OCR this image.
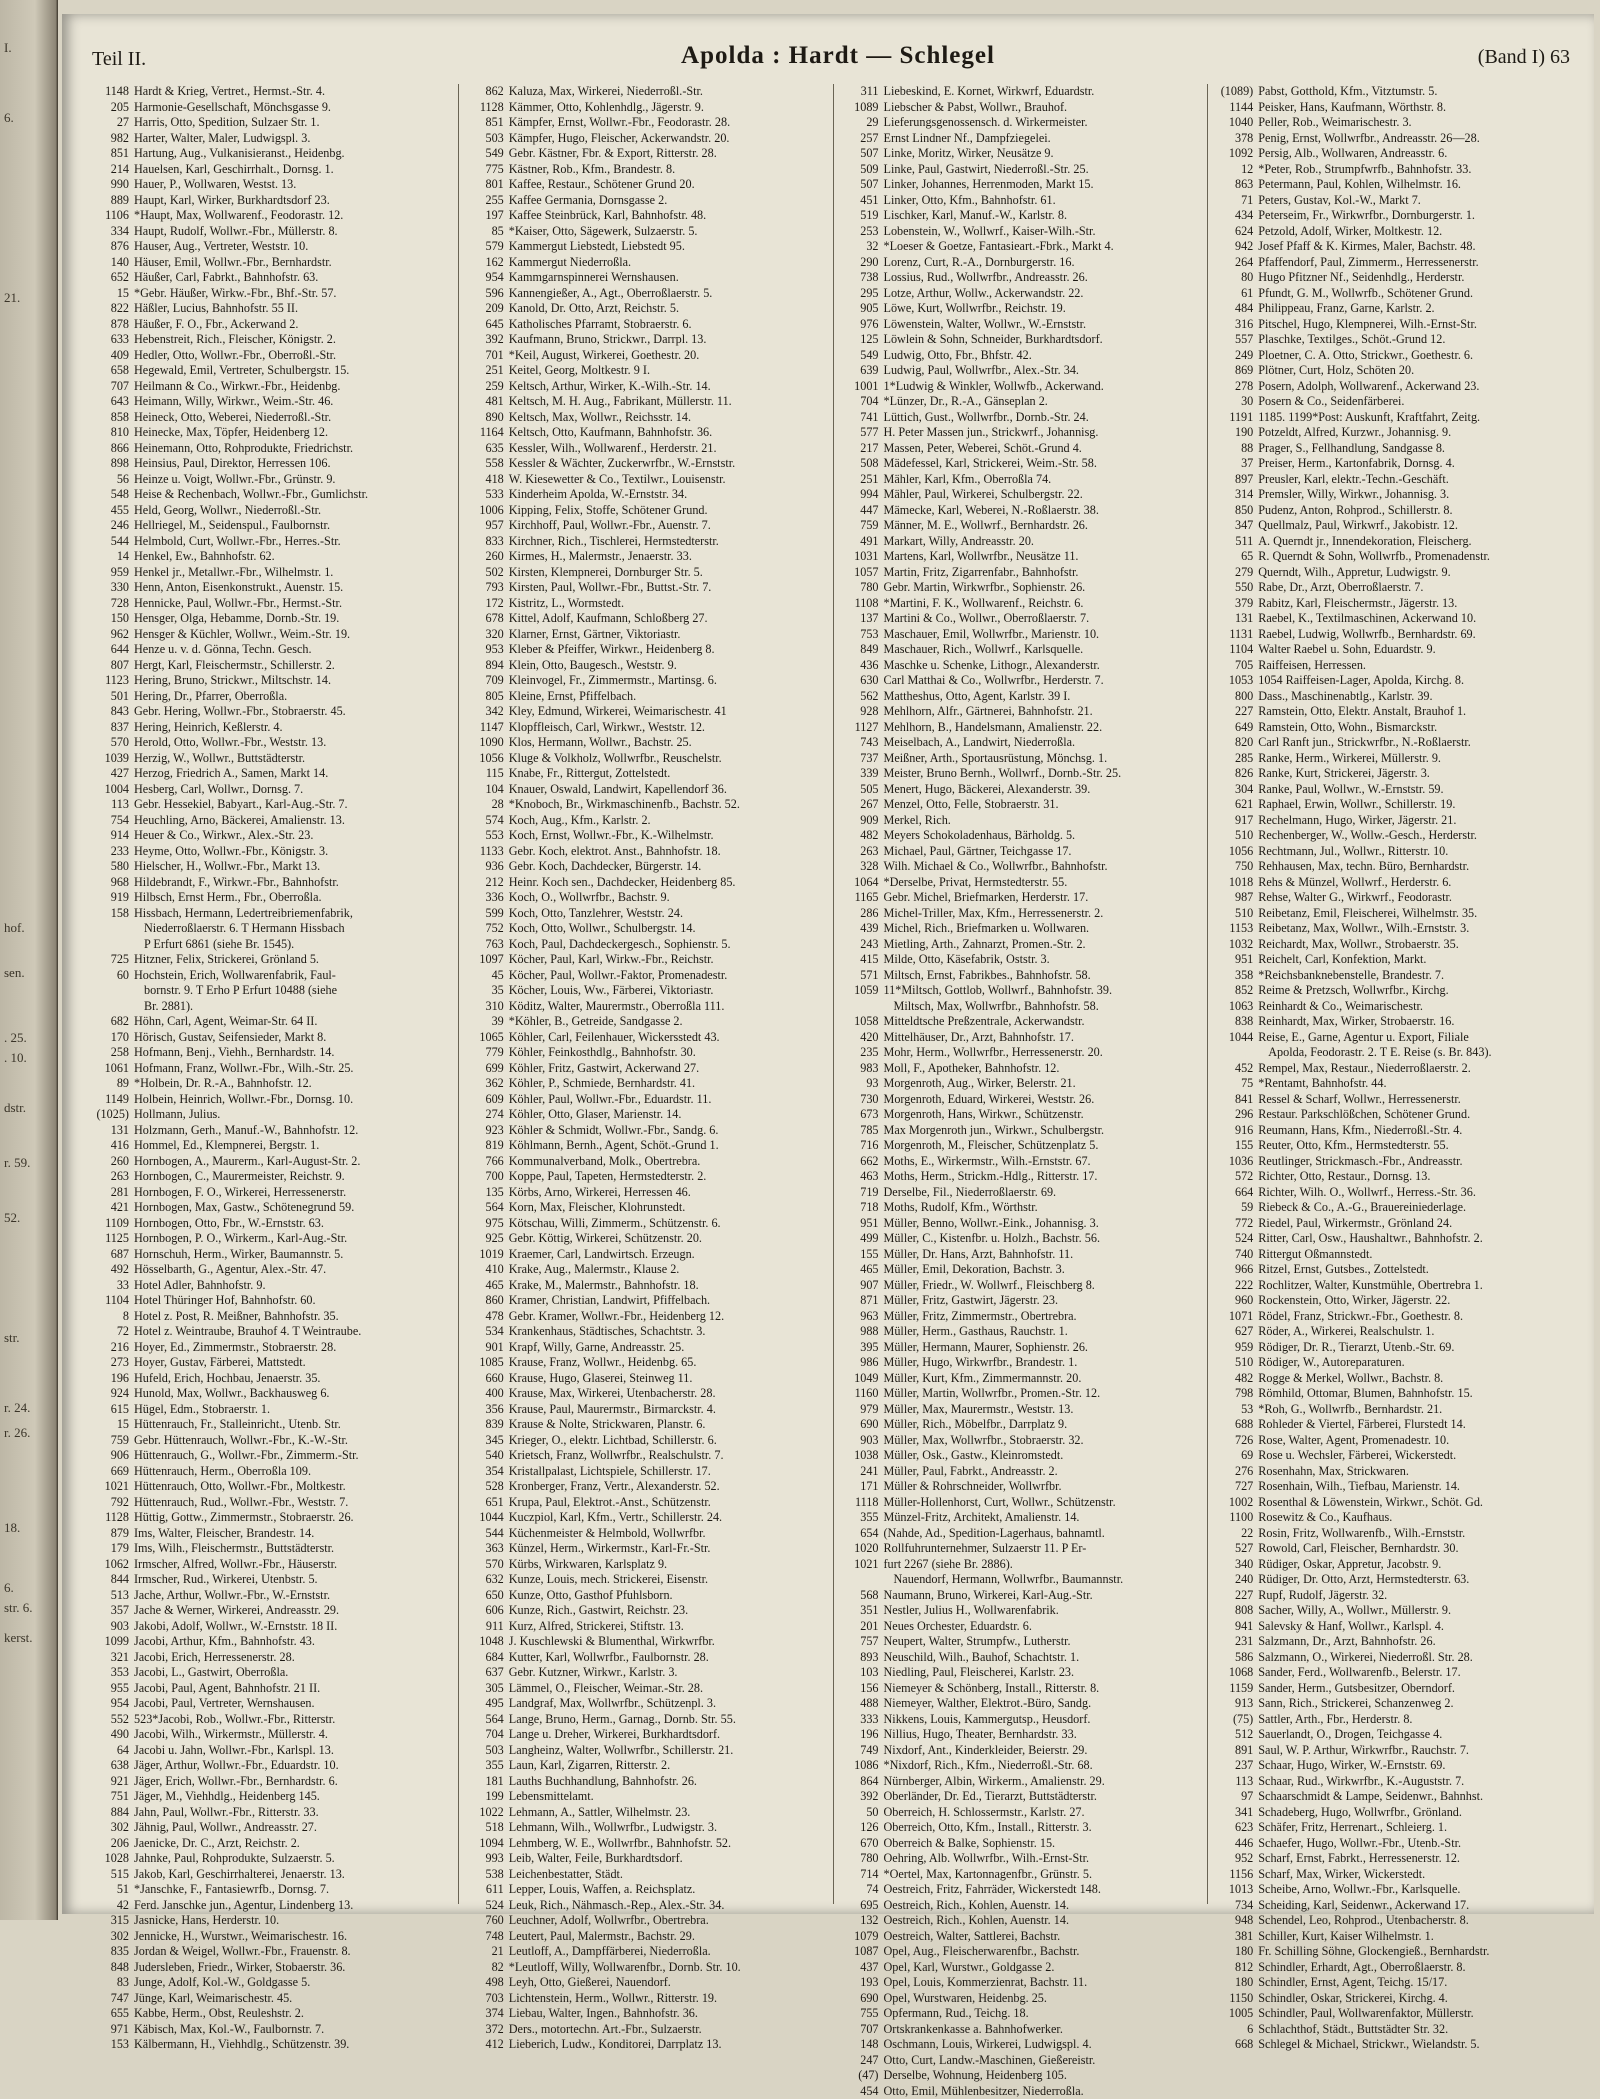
I.
6.
21.
hof.
sen.
. 25.
. 10.
dstr.
r. 59.
52.
str.
r. 24.
r. 26.
18.
6.
str. 6.
kerst.
Teil II.	Apolda : Hardt — Schlegel	(Band I) 63
1148 Hardt & Krieg, Vertret., Hermst.-Str. 4.
205 Harmonie-Gesellschaft, Mönchsgasse 9.
27 Harris, Otto, Spedition, Sulzaer Str. 1.
982 Harter, Walter, Maler, Ludwigspl. 3.
851 Hartung, Aug., Vulkanisieranst., Heidenbg.
214 Hauelsen, Karl, Geschirrhalt., Dornsg. 1.
990 Hauer, P., Wollwaren, Westst. 13.
889 Haupt, Karl, Wirker, Burkhardtsdorf 23.
1106 *Haupt, Max, Wollwarenf., Feodorastr. 12.
334 Haupt, Rudolf, Wollwr.-Fbr., Müllerstr. 8.
876 Hauser, Aug., Vertreter, Weststr. 10.
140 Häuser, Emil, Wollwr.-Fbr., Bernhardstr.
652 Häußer, Carl, Fabrkt., Bahnhofstr. 63.
15 *Gebr. Häußer, Wirkw.-Fbr., Bhf.-Str. 57.
822 Häßler, Lucius, Bahnhofstr. 55 II.
878 Häußer, F. O., Fbr., Ackerwand 2.
633 Hebenstreit, Rich., Fleischer, Königstr. 2.
409 Hedler, Otto, Wollwr.-Fbr., Oberroßl.-Str.
658 Hegewald, Emil, Vertreter, Schulbergstr. 15.
707 Heilmann & Co., Wirkwr.-Fbr., Heidenbg.
643 Heimann, Willy, Wirkwr., Weim.-Str. 46.
858 Heineck, Otto, Weberei, Niederroßl.-Str.
810 Heinecke, Max, Töpfer, Heidenberg 12.
866 Heinemann, Otto, Rohprodukte, Friedrichstr.
898 Heinsius, Paul, Direktor, Herressen 106.
56 Heinze u. Voigt, Wollwr.-Fbr., Grünstr. 9.
548 Heise & Rechenbach, Wollwr.-Fbr., Gumlichstr.
455 Held, Georg, Wollwr., Niederroßl.-Str.
246 Hellriegel, M., Seidenspul., Faulbornstr.
544 Helmbold, Curt, Wollwr.-Fbr., Herres.-Str.
14 Henkel, Ew., Bahnhofstr. 62.
959 Henkel jr., Metallwr.-Fbr., Wilhelmstr. 1.
330 Henn, Anton, Eisenkonstrukt., Auenstr. 15.
728 Hennicke, Paul, Wollwr.-Fbr., Hermst.-Str.
150 Hensger, Olga, Hebamme, Dornb.-Str. 19.
962 Hensger & Küchler, Wollwr., Weim.-Str. 19.
644 Henze u. v. d. Gönna, Techn. Gesch.
807 Hergt, Karl, Fleischermstr., Schillerstr. 2.
1123 Hering, Bruno, Strickwr., Miltschstr. 14.
501 Hering, Dr., Pfarrer, Oberroßla.
843 Gebr. Hering, Wollwr.-Fbr., Stobraerstr. 45.
837 Hering, Heinrich, Keßlerstr. 4.
570 Herold, Otto, Wollwr.-Fbr., Weststr. 13.
1039 Herzig, W., Wollwr., Buttstädterstr.
427 Herzog, Friedrich A., Samen, Markt 14.
1004 Hesberg, Carl, Wollwr., Dornsg. 7.
113 Gebr. Hessekiel, Babyart., Karl-Aug.-Str. 7.
754 Heuchling, Arno, Bäckerei, Amalienstr. 13.
914 Heuer & Co., Wirkwr., Alex.-Str. 23.
233 Heyme, Otto, Wollwr.-Fbr., Königstr. 3.
580 Hielscher, H., Wollwr.-Fbr., Markt 13.
968 Hildebrandt, F., Wirkwr.-Fbr., Bahnhofstr.
919 Hilbsch, Ernst Herm., Fbr., Oberroßla.
158 Hissbach, Hermann, Ledertreibriemenfabrik,
Niederroßlaerstr. 6. T Hermann Hissbach
P Erfurt 6861 (siehe Br. 1545).
725 Hitzner, Felix, Strickerei, Grönland 5.
60 Hochstein, Erich, Wollwarenfabrik, Faul-
bornstr. 9. T Erho P Erfurt 10488 (siehe
Br. 2881).
682 Höhn, Carl, Agent, Weimar-Str. 64 II.
170 Hörisch, Gustav, Seifensieder, Markt 8.
258 Hofmann, Benj., Viehh., Bernhardstr. 14.
1061 Hofmann, Franz, Wollwr.-Fbr., Wilh.-Str. 25.
89 *Holbein, Dr. R.-A., Bahnhofstr. 12.
1149 Holbein, Heinrich, Wollwr.-Fbr., Dornsg. 10.
(1025) Hollmann, Julius.
131 Holzmann, Gerh., Manuf.-W., Bahnhofstr. 12.
416 Hommel, Ed., Klempnerei, Bergstr. 1.
260 Hornbogen, A., Maurerm., Karl-August-Str. 2.
263 Hornbogen, C., Maurermeister, Reichstr. 9.
281 Hornbogen, F. O., Wirkerei, Herressenerstr.
421 Hornbogen, Max, Gastw., Schötenegrund 59.
1109 Hornbogen, Otto, Fbr., W.-Ernststr. 63.
1125 Hornbogen, P. O., Wirkerm., Karl-Aug.-Str.
687 Hornschuh, Herm., Wirker, Baumannstr. 5.
492 Hösselbarth, G., Agentur, Alex.-Str. 47.
33 Hotel Adler, Bahnhofstr. 9.
1104 Hotel Thüringer Hof, Bahnhofstr. 60.
8 Hotel z. Post, R. Meißner, Bahnhofstr. 35.
72 Hotel z. Weintraube, Brauhof 4. T Weintraube.
216 Hoyer, Ed., Zimmermstr., Stobraerstr. 28.
273 Hoyer, Gustav, Färberei, Mattstedt.
196 Hufeld, Erich, Hochbau, Jenaerstr. 35.
924 Hunold, Max, Wollwr., Backhausweg 6.
615 Hügel, Edm., Stobraerstr. 1.
15 Hüttenrauch, Fr., Stalleinricht., Utenb. Str.
759 Gebr. Hüttenrauch, Wollwr.-Fbr., K.-W.-Str.
906 Hüttenrauch, G., Wollwr.-Fbr., Zimmerm.-Str.
669 Hüttenrauch, Herm., Oberroßla 109.
1021 Hüttenrauch, Otto, Wollwr.-Fbr., Moltkestr.
792 Hüttenrauch, Rud., Wollwr.-Fbr., Weststr. 7.
1128 Hüttig, Gottw., Zimmermstr., Stobraerstr. 26.
879 Ims, Walter, Fleischer, Brandestr. 14.
179 Ims, Wilh., Fleischermstr., Buttstädterstr.
1062 Irmscher, Alfred, Wollwr.-Fbr., Häuserstr.
844 Irmscher, Rud., Wirkerei, Utenbstr. 5.
513 Jache, Arthur, Wollwr.-Fbr., W.-Ernststr.
357 Jache & Werner, Wirkerei, Andreasstr. 29.
903 Jakobi, Adolf, Wollwr., W.-Ernststr. 18 II.
1099 Jacobi, Arthur, Kfm., Bahnhofstr. 43.
321 Jacobi, Erich, Herressenerstr. 28.
353 Jacobi, L., Gastwirt, Oberroßla.
955 Jacobi, Paul, Agent, Bahnhofstr. 21 II.
954 Jacobi, Paul, Vertreter, Wernshausen.
552 523*Jacobi, Rob., Wollwr.-Fbr., Ritterstr.
490 Jacobi, Wilh., Wirkermstr., Müllerstr. 4.
64 Jacobi u. Jahn, Wollwr.-Fbr., Karlspl. 13.
638 Jäger, Arthur, Wollwr.-Fbr., Eduardstr. 10.
921 Jäger, Erich, Wollwr.-Fbr., Bernhardstr. 6.
751 Jäger, M., Viehhdlg., Heidenberg 145.
884 Jahn, Paul, Wollwr.-Fbr., Ritterstr. 33.
302 Jähnig, Paul, Wollwr., Andreasstr. 27.
206 Jaenicke, Dr. C., Arzt, Reichstr. 2.
1028 Jahnke, Paul, Rohprodukte, Sulzaerstr. 5.
515 Jakob, Karl, Geschirrhalterei, Jenaerstr. 13.
51 *Janschke, F., Fantasiewrfb., Dornsg. 7.
42 Ferd. Janschke jun., Agentur, Lindenberg 13.
315 Jasnicke, Hans, Herderstr. 10.
302 Jennicke, H., Wurstwr., Weimarischestr. 16.
835 Jordan & Weigel, Wollwr.-Fbr., Frauenstr. 8.
848 Judersleben, Friedr., Wirker, Stobaerstr. 36.
83 Junge, Adolf, Kol.-W., Goldgasse 5.
747 Jünge, Karl, Weimarischestr. 45.
655 Kabbe, Herm., Obst, Reuleshstr. 2.
971 Käbisch, Max, Kol.-W., Faulbornstr. 7.
153 Kälbermann, H., Viehhdlg., Schützenstr. 39.
862 Kaluza, Max, Wirkerei, Niederroßl.-Str.
1128 Kämmer, Otto, Kohlenhdlg., Jägerstr. 9.
851 Kämpfer, Ernst, Wollwr.-Fbr., Feodorastr. 28.
503 Kämpfer, Hugo, Fleischer, Ackerwandstr. 20.
549 Gebr. Kästner, Fbr. & Export, Ritterstr. 28.
775 Kästner, Rob., Kfm., Brandestr. 8.
801 Kaffee, Restaur., Schötener Grund 20.
255 Kaffee Germania, Dornsgasse 2.
197 Kaffee Steinbrück, Karl, Bahnhofstr. 48.
85 *Kaiser, Otto, Sägewerk, Sulzaerstr. 5.
579 Kammergut Liebstedt, Liebstedt 95.
162 Kammergut Niederroßla.
954 Kammgarnspinnerei Wernshausen.
596 Kannengießer, A., Agt., Oberroßlaerstr. 5.
209 Kanold, Dr. Otto, Arzt, Reichstr. 5.
645 Katholisches Pfarramt, Stobraerstr. 6.
392 Kaufmann, Bruno, Strickwr., Darrpl. 13.
701 *Keil, August, Wirkerei, Goethestr. 20.
251 Keitel, Georg, Moltkestr. 9 I.
259 Keltsch, Arthur, Wirker, K.-Wilh.-Str. 14.
481 Keltsch, M. H. Aug., Fabrikant, Müllerstr. 11.
890 Keltsch, Max, Wollwr., Reichsstr. 14.
1164 Keltsch, Otto, Kaufmann, Bahnhofstr. 36.
635 Kessler, Wilh., Wollwarenf., Herderstr. 21.
558 Kessler & Wächter, Zuckerwrfbr., W.-Ernststr.
418 W. Kiesewetter & Co., Textilwr., Louisenstr.
533 Kinderheim Apolda, W.-Ernststr. 34.
1006 Kipping, Felix, Stoffe, Schötener Grund.
957 Kirchhoff, Paul, Wollwr.-Fbr., Auenstr. 7.
833 Kirchner, Rich., Tischlerei, Hermstedterstr.
260 Kirmes, H., Malermstr., Jenaerstr. 33.
502 Kirsten, Klempnerei, Dornburger Str. 5.
793 Kirsten, Paul, Wollwr.-Fbr., Buttst.-Str. 7.
172 Kistritz, L., Wormstedt.
678 Kittel, Adolf, Kaufmann, Schloßberg 27.
320 Klarner, Ernst, Gärtner, Viktoriastr.
953 Kleber & Pfeiffer, Wirkwr., Heidenberg 8.
894 Klein, Otto, Baugesch., Weststr. 9.
709 Kleinvogel, Fr., Zimmermstr., Martinsg. 6.
805 Kleine, Ernst, Pfiffelbach.
342 Kley, Edmund, Wirkerei, Weimarischestr. 41
1147 Klopffleisch, Carl, Wirkwr., Weststr. 12.
1090 Klos, Hermann, Wollwr., Bachstr. 25.
1056 Kluge & Volkholz, Wollwrfbr., Reuschelstr.
115 Knabe, Fr., Rittergut, Zottelstedt.
104 Knauer, Oswald, Landwirt, Kapellendorf 36.
28 *Knoboch, Br., Wirkmaschinenfb., Bachstr. 52.
574 Koch, Aug., Kfm., Karlstr. 2.
553 Koch, Ernst, Wollwr.-Fbr., K.-Wilhelmstr.
1133 Gebr. Koch, elektrot. Anst., Bahnhofstr. 18.
936 Gebr. Koch, Dachdecker, Bürgerstr. 14.
212 Heinr. Koch sen., Dachdecker, Heidenberg 85.
336 Koch, O., Wollwrfbr., Bachstr. 9.
599 Koch, Otto, Tanzlehrer, Weststr. 24.
752 Koch, Otto, Wollwr., Schulbergstr. 14.
763 Koch, Paul, Dachdeckergesch., Sophienstr. 5.
1097 Köcher, Paul, Karl, Wirkw.-Fbr., Reichstr.
45 Köcher, Paul, Wollwr.-Faktor, Promenadestr.
35 Köcher, Louis, Ww., Färberei, Viktoriastr.
310 Köditz, Walter, Maurermstr., Oberroßla 111.
39 *Köhler, B., Getreide, Sandgasse 2.
1065 Köhler, Carl, Feilenhauer, Wickersstedt 43.
779 Köhler, Feinkosthdlg., Bahnhofstr. 30.
699 Köhler, Fritz, Gastwirt, Ackerwand 27.
362 Köhler, P., Schmiede, Bernhardstr. 41.
609 Köhler, Paul, Wollwr.-Fbr., Eduardstr. 11.
274 Köhler, Otto, Glaser, Marienstr. 14.
923 Köhler & Schmidt, Wollwr.-Fbr., Sandg. 6.
819 Köhlmann, Bernh., Agent, Schöt.-Grund 1.
766 Kommunalverband, Molk., Obertrebra.
700 Koppe, Paul, Tapeten, Hermstedterstr. 2.
135 Körbs, Arno, Wirkerei, Herressen 46.
564 Korn, Max, Fleischer, Klohrunstedt.
975 Kötschau, Willi, Zimmerm., Schützenstr. 6.
925 Gebr. Köttig, Wirkerei, Schützenstr. 20.
1019 Kraemer, Carl, Landwirtsch. Erzeugn.
410 Krake, Aug., Malermstr., Klause 2.
465 Krake, M., Malermstr., Bahnhofstr. 18.
860 Kramer, Christian, Landwirt, Pfiffelbach.
478 Gebr. Kramer, Wollwr.-Fbr., Heidenberg 12.
534 Krankenhaus, Städtisches, Schachtstr. 3.
901 Krapf, Willy, Garne, Andreasstr. 25.
1085 Krause, Franz, Wollwr., Heidenbg. 65.
660 Krause, Hugo, Glaserei, Steinweg 11.
400 Krause, Max, Wirkerei, Utenbacherstr. 28.
356 Krause, Paul, Maurermstr., Birmarckstr. 4.
839 Krause & Nolte, Strickwaren, Planstr. 6.
345 Krieger, O., elektr. Lichtbad, Schillerstr. 6.
540 Krietsch, Franz, Wollwrfbr., Realschulstr. 7.
354 Kristallpalast, Lichtspiele, Schillerstr. 17.
528 Kronberger, Franz, Vertr., Alexanderstr. 52.
651 Krupa, Paul, Elektrot.-Anst., Schützenstr.
1044 Kuczpiol, Karl, Kfm., Vertr., Schillerstr. 24.
544 Küchenmeister & Helmbold, Wollwrfbr.
363 Künzel, Herm., Wirkermstr., Karl-Fr.-Str.
570 Kürbs, Wirkwaren, Karlsplatz 9.
632 Kunze, Louis, mech. Strickerei, Eisenstr.
650 Kunze, Otto, Gasthof Pfuhlsborn.
606 Kunze, Rich., Gastwirt, Reichstr. 23.
911 Kurz, Alfred, Strickerei, Stiftstr. 13.
1048 J. Kuschlewski & Blumenthal, Wirkwrfbr.
684 Kutter, Karl, Wollwrfbr., Faulbornstr. 28.
637 Gebr. Kutzner, Wirkwr., Karlstr. 3.
305 Lämmel, O., Fleischer, Weimar.-Str. 28.
495 Landgraf, Max, Wollwrfbr., Schützenpl. 3.
564 Lange, Bruno, Herm., Garnag., Dornb. Str. 55.
704 Lange u. Dreher, Wirkerei, Burkhardtsdorf.
503 Langheinz, Walter, Wollwrfbr., Schillerstr. 21.
355 Laun, Karl, Zigarren, Ritterstr. 2.
181 Lauths Buchhandlung, Bahnhofstr. 26.
199 Lebensmittelamt.
1022 Lehmann, A., Sattler, Wilhelmstr. 23.
518 Lehmann, Wilh., Wollwrfbr., Ludwigstr. 3.
1094 Lehmberg, W. E., Wollwrfbr., Bahnhofstr. 52.
993 Leib, Walter, Feile, Burkhardtsdorf.
538 Leichenbestatter, Städt.
611 Lepper, Louis, Waffen, a. Reichsplatz.
524 Leuk, Rich., Nähmasch.-Rep., Alex.-Str. 34.
760 Leuchner, Adolf, Wollwrfbr., Obertrebra.
748 Leutert, Paul, Malermstr., Bachstr. 29.
21 Leutloff, A., Dampffärberei, Niederroßla.
82 *Leutloff, Willy, Wollwarenfbr., Dornb. Str. 10.
498 Leyh, Otto, Gießerei, Nauendorf.
703 Lichtenstein, Herm., Wollwr., Ritterstr. 19.
374 Liebau, Walter, Ingen., Bahnhofstr. 36.
372 Ders., motortechn. Art.-Fbr., Sulzaerstr.
412 Lieberich, Ludw., Konditorei, Darrplatz 13.
311 Liebeskind, E. Kornet, Wirkwrf, Eduardstr.
1089 Liebscher & Pabst, Wollwr., Brauhof.
29 Lieferungsgenossensch. d. Wirkermeister.
257 Ernst Lindner Nf., Dampfziegelei.
507 Linke, Moritz, Wirker, Neusätze 9.
509 Linke, Paul, Gastwirt, Niederroßl.-Str. 25.
507 Linker, Johannes, Herrenmoden, Markt 15.
451 Linker, Otto, Kfm., Bahnhofstr. 61.
519 Lischker, Karl, Manuf.-W., Karlstr. 8.
253 Lobenstein, W., Wollwrf., Kaiser-Wilh.-Str.
32 *Loeser & Goetze, Fantasieart.-Fbrk., Markt 4.
290 Lorenz, Curt, R.-A., Dornburgerstr. 16.
738 Lossius, Rud., Wollwrfbr., Andreasstr. 26.
295 Lotze, Arthur, Wollw., Ackerwandstr. 22.
905 Löwe, Kurt, Wollwrfbr., Reichstr. 19.
976 Löwenstein, Walter, Wollwr., W.-Ernststr.
125 Löwlein & Sohn, Schneider, Burkhardtsdorf.
549 Ludwig, Otto, Fbr., Bhfstr. 42.
639 Ludwig, Paul, Wollwrfbr., Alex.-Str. 34.
1001 1*Ludwig & Winkler, Wollwfb., Ackerwand.
704 *Lünzer, Dr., R.-A., Gänseplan 2.
741 Lüttich, Gust., Wollwrfbr., Dornb.-Str. 24.
577 H. Peter Massen jun., Strickwrf., Johannisg.
217 Massen, Peter, Weberei, Schöt.-Grund 4.
508 Mädefessel, Karl, Strickerei, Weim.-Str. 58.
251 Mähler, Karl, Kfm., Oberroßla 74.
994 Mähler, Paul, Wirkerei, Schulbergstr. 22.
447 Mämecke, Karl, Weberei, N.-Roßlaerstr. 38.
759 Männer, M. E., Wollwrf., Bernhardstr. 26.
491 Markart, Willy, Andreasstr. 20.
1031 Martens, Karl, Wollwrfbr., Neusätze 11.
1057 Martin, Fritz, Zigarrenfabr., Bahnhofstr.
780 Gebr. Martin, Wirkwrfbr., Sophienstr. 26.
1108 *Martini, F. K., Wollwarenf., Reichstr. 6.
137 Martini & Co., Wollwr., Oberroßlaerstr. 7.
753 Maschauer, Emil, Wollwrfbr., Marienstr. 10.
849 Maschauer, Rich., Wollwrf., Karlsquelle.
436 Maschke u. Schenke, Lithogr., Alexanderstr.
630 Carl Matthai & Co., Wollwrfbr., Herderstr. 7.
562 Mattheshus, Otto, Agent, Karlstr. 39 I.
928 Mehlhorn, Alfr., Gärtnerei, Bahnhofstr. 21.
1127 Mehlhorn, B., Handelsmann, Amalienstr. 22.
743 Meiselbach, A., Landwirt, Niederroßla.
737 Meißner, Arth., Sportausrüstung, Mönchsg. 1.
339 Meister, Bruno Bernh., Wollwrf., Dornb.-Str. 25.
505 Menert, Hugo, Bäckerei, Alexanderstr. 39.
267 Menzel, Otto, Felle, Stobraerstr. 31.
909 Merkel, Rich.
482 Meyers Schokoladenhaus, Bärholdg. 5.
263 Michael, Paul, Gärtner, Teichgasse 17.
328 Wilh. Michael & Co., Wollwrfbr., Bahnhofstr.
1064 *Derselbe, Privat, Hermstedterstr. 55.
1165 Gebr. Michel, Briefmarken, Herderstr. 17.
286 Michel-Triller, Max, Kfm., Herressenerstr. 2.
439 Michel, Rich., Briefmarken u. Wollwaren.
243 Mietling, Arth., Zahnarzt, Promen.-Str. 2.
415 Milde, Otto, Käsefabrik, Oststr. 3.
571 Miltsch, Ernst, Fabrikbes., Bahnhofstr. 58.
1059 11*Miltsch, Gottlob, Wollwrf., Bahnhofstr. 39.
Miltsch, Max, Wollwrfbr., Bahnhofstr. 58.
1058 Mitteldtsche Preßzentrale, Ackerwandstr.
420 Mittelhäuser, Dr., Arzt, Bahnhofstr. 17.
235 Mohr, Herm., Wollwrfbr., Herressenerstr. 20.
983 Moll, F., Apotheker, Bahnhofstr. 12.
93 Morgenroth, Aug., Wirker, Belerstr. 21.
730 Morgenroth, Eduard, Wirkerei, Weststr. 26.
673 Morgenroth, Hans, Wirkwr., Schützenstr.
785 Max Morgenroth jun., Wirkwr., Schulbergstr.
716 Morgenroth, M., Fleischer, Schützenplatz 5.
662 Moths, E., Wirkermstr., Wilh.-Ernststr. 67.
463 Moths, Herm., Strickm.-Hdlg., Ritterstr. 17.
719 Derselbe, Fil., Niederroßlaerstr. 69.
718 Moths, Rudolf, Kfm., Wörthstr.
951 Müller, Benno, Wollwr.-Eink., Johannisg. 3.
499 Müller, C., Kistenfbr. u. Holzh., Bachstr. 56.
155 Müller, Dr. Hans, Arzt, Bahnhofstr. 11.
465 Müller, Emil, Dekoration, Bachstr. 3.
907 Müller, Friedr., W. Wollwrf., Fleischberg 8.
871 Müller, Fritz, Gastwirt, Jägerstr. 23.
963 Müller, Fritz, Zimmermstr., Obertrebra.
988 Müller, Herm., Gasthaus, Rauchstr. 1.
395 Müller, Hermann, Maurer, Sophienstr. 26.
986 Müller, Hugo, Wirkwrfbr., Brandestr. 1.
1049 Müller, Kurt, Kfm., Zimmermannstr. 20.
1160 Müller, Martin, Wollwrfbr., Promen.-Str. 12.
979 Müller, Max, Maurermstr., Weststr. 13.
690 Müller, Rich., Möbelfbr., Darrplatz 9.
903 Müller, Max, Wollwrfbr., Stobraerstr. 32.
1038 Müller, Osk., Gastw., Kleinromstedt.
241 Müller, Paul, Fabrkt., Andreasstr. 2.
171 Müller & Rohrschneider, Wollwrfbr.
1118 Müller-Hollenhorst, Curt, Wollwr., Schützenstr.
355 Münzel-Fritz, Architekt, Amalienstr. 14.
654 (Nahde, Ad., Spedition-Lagerhaus, bahnamtl.
1020 Rollfuhrunternehmer, Sulzaerstr 11. P Er-
1021 furt 2267 (siehe Br. 2886).
Nauendorf, Hermann, Wollwrfbr., Baumannstr.
568 Naumann, Bruno, Wirkerei, Karl-Aug.-Str.
351 Nestler, Julius H., Wollwarenfabrik.
201 Neues Orchester, Eduardstr. 6.
757 Neupert, Walter, Strumpfw., Lutherstr.
893 Neuschild, Wilh., Bauhof, Schachtstr. 1.
103 Niedling, Paul, Fleischerei, Karlstr. 23.
156 Niemeyer & Schönberg, Install., Ritterstr. 8.
488 Niemeyer, Walther, Elektrot.-Büro, Sandg.
333 Nikkens, Louis, Kammergutsp., Heusdorf.
196 Nillius, Hugo, Theater, Bernhardstr. 33.
749 Nixdorf, Ant., Kinderkleider, Beierstr. 29.
1086 *Nixdorf, Rich., Kfm., Niederroßl.-Str. 68.
864 Nürnberger, Albin, Wirkerm., Amalienstr. 29.
392 Oberländer, Dr. Ed., Tierarzt, Buttstädterstr.
50 Oberreich, H. Schlossermstr., Karlstr. 27.
126 Oberreich, Otto, Kfm., Install., Ritterstr. 3.
670 Oberreich & Balke, Sophienstr. 15.
780 Oehring, Alb. Wollwrfbr., Wilh.-Ernst-Str.
714 *Oertel, Max, Kartonnagenfbr., Grünstr. 5.
74 Oestreich, Fritz, Fahrräder, Wickerstedt 148.
695 Oestreich, Rich., Kohlen, Auenstr. 14.
132 Oestreich, Rich., Kohlen, Auenstr. 14.
1079 Oestreich, Walter, Sattlerei, Bachstr.
1087 Opel, Aug., Fleischerwarenfbr., Bachstr.
437 Opel, Karl, Wurstwr., Goldgasse 2.
193 Opel, Louis, Kommerzienrat, Bachstr. 11.
690 Opel, Wurstwaren, Heidenbg. 25.
755 Opfermann, Rud., Teichg. 18.
707 Ortskrankenkasse a. Bahnhofwerker.
148 Oschmann, Louis, Wirkerei, Ludwigspl. 4.
247 Otto, Curt, Landw.-Maschinen, Gießereistr.
(47) Derselbe, Wohnung, Heidenberg 105.
454 Otto, Emil, Mühlenbesitzer, Niederroßla.
(1089) Pabst, Gotthold, Kfm., Vitztumstr. 5.
1144 Peisker, Hans, Kaufmann, Wörthstr. 8.
1040 Peller, Rob., Weimarischestr. 3.
378 Penig, Ernst, Wollwrfbr., Andreasstr. 26—28.
1092 Persig, Alb., Wollwaren, Andreasstr. 6.
12 *Peter, Rob., Strumpfwrfb., Bahnhofstr. 33.
863 Petermann, Paul, Kohlen, Wilhelmstr. 16.
71 Peters, Gustav, Kol.-W., Markt 7.
434 Peterseim, Fr., Wirkwrfbr., Dornburgerstr. 1.
624 Petzold, Adolf, Wirker, Moltkestr. 12.
942 Josef Pfaff & K. Kirmes, Maler, Bachstr. 48.
264 Pfaffendorf, Paul, Zimmerm., Herressenerstr.
80 Hugo Pfitzner Nf., Seidenhdlg., Herderstr.
61 Pfundt, G. M., Wollwrfb., Schötener Grund.
484 Philippeau, Franz, Garne, Karlstr. 2.
316 Pitschel, Hugo, Klempnerei, Wilh.-Ernst-Str.
557 Plaschke, Textilges., Schöt.-Grund 12.
249 Ploetner, C. A. Otto, Strickwr., Goethestr. 6.
869 Plötner, Curt, Holz, Schöten 20.
278 Posern, Adolph, Wollwarenf., Ackerwand 23.
30 Posern & Co., Seidenfärberei.
1191 1185. 1199*Post: Auskunft, Kraftfahrt, Zeitg.
190 Potzeldt, Alfred, Kurzwr., Johannisg. 9.
88 Prager, S., Fellhandlung, Sandgasse 8.
37 Preiser, Herm., Kartonfabrik, Dornsg. 4.
897 Preusler, Karl, elektr.-Techn.-Geschäft.
314 Premsler, Willy, Wirkwr., Johannisg. 3.
850 Pudenz, Anton, Rohprod., Schillerstr. 8.
347 Quellmalz, Paul, Wirkwrf., Jakobistr. 12.
511 A. Querndt jr., Innendekoration, Fleischerg.
65 R. Querndt & Sohn, Wollwrfb., Promenadenstr.
279 Querndt, Wilh., Appretur, Ludwigstr. 9.
550 Rabe, Dr., Arzt, Oberroßlaerstr. 7.
379 Rabitz, Karl, Fleischermstr., Jägerstr. 13.
131 Raebel, K., Textilmaschinen, Ackerwand 10.
1131 Raebel, Ludwig, Wollwrfb., Bernhardstr. 69.
1104 Walter Raebel u. Sohn, Eduardstr. 9.
705 Raiffeisen, Herressen.
1053 1054 Raiffeisen-Lager, Apolda, Kirchg. 8.
800 Dass., Maschinenabtlg., Karlstr. 39.
227 Ramstein, Otto, Elektr. Anstalt, Brauhof 1.
649 Ramstein, Otto, Wohn., Bismarckstr.
820 Carl Ranft jun., Strickwrfbr., N.-Roßlaerstr.
285 Ranke, Herm., Wirkerei, Müllerstr. 9.
826 Ranke, Kurt, Strickerei, Jägerstr. 3.
304 Ranke, Paul, Wollwr., W.-Ernststr. 59.
621 Raphael, Erwin, Wollwr., Schillerstr. 19.
917 Rechelmann, Hugo, Wirker, Jägerstr. 21.
510 Rechenberger, W., Wollw.-Gesch., Herderstr.
1056 Rechtmann, Jul., Wollwr., Ritterstr. 10.
750 Rehhausen, Max, techn. Büro, Bernhardstr.
1018 Rehs & Münzel, Wollwrf., Herderstr. 6.
987 Rehse, Walter G., Wirkwrf., Feodorastr.
510 Reibetanz, Emil, Fleischerei, Wilhelmstr. 35.
1153 Reibetanz, Max, Wollwr., Wilh.-Ernststr. 3.
1032 Reichardt, Max, Wollwr., Strobaerstr. 35.
951 Reichelt, Carl, Konfektion, Markt.
358 *Reichsbanknebenstelle, Brandestr. 7.
852 Reime & Pretzsch, Wollwrfbr., Kirchg.
1063 Reinhardt & Co., Weimarischestr.
838 Reinhardt, Max, Wirker, Strobaerstr. 16.
1044 Reise, E., Garne, Agentur u. Export, Filiale
Apolda, Feodorastr. 2. T E. Reise (s. Br. 843).
452 Rempel, Max, Restaur., Niederroßlaerstr. 2.
75 *Rentamt, Bahnhofstr. 44.
841 Ressel & Scharf, Wollwr., Herressenerstr.
296 Restaur. Parkschlößchen, Schötener Grund.
916 Reumann, Hans, Kfm., Niederroßl.-Str. 4.
155 Reuter, Otto, Kfm., Hermstedterstr. 55.
1036 Reutlinger, Strickmasch.-Fbr., Andreasstr.
572 Richter, Otto, Restaur., Dornsg. 13.
664 Richter, Wilh. O., Wollwrf., Herress.-Str. 36.
59 Riebeck & Co., A.-G., Brauereiniederlage.
772 Riedel, Paul, Wirkermstr., Grönland 24.
524 Ritter, Carl, Osw., Haushaltwr., Bahnhofstr. 2.
740 Rittergut Oßmannstedt.
966 Ritzel, Ernst, Gutsbes., Zottelstedt.
222 Rochlitzer, Walter, Kunstmühle, Obertrebra 1.
960 Rockenstein, Otto, Wirker, Jägerstr. 22.
1071 Rödel, Franz, Strickwr.-Fbr., Goethestr. 8.
627 Röder, A., Wirkerei, Realschulstr. 1.
959 Rödiger, Dr. R., Tierarzt, Utenb.-Str. 69.
510 Rödiger, W., Autoreparaturen.
482 Rogge & Merkel, Wollwr., Bachstr. 8.
798 Römhild, Ottomar, Blumen, Bahnhofstr. 15.
53 *Roh, G., Wollwrfb., Bernhardstr. 21.
688 Rohleder & Viertel, Färberei, Flurstedt 14.
726 Rose, Walter, Agent, Promenadestr. 10.
69 Rose u. Wechsler, Färberei, Wickerstedt.
276 Rosenhahn, Max, Strickwaren.
727 Rosenhain, Wilh., Tiefbau, Marienstr. 14.
1002 Rosenthal & Löwenstein, Wirkwr., Schöt. Gd.
1100 Rosewitz & Co., Kaufhaus.
22 Rosin, Fritz, Wollwarenfb., Wilh.-Ernststr.
527 Rowold, Carl, Fleischer, Bernhardstr. 30.
340 Rüdiger, Oskar, Appretur, Jacobstr. 9.
240 Rüdiger, Dr. Otto, Arzt, Hermstedterstr. 63.
227 Rupf, Rudolf, Jägerstr. 32.
808 Sacher, Willy, A., Wollwr., Müllerstr. 9.
941 Salevsky & Hanf, Wollwr., Karlspl. 4.
231 Salzmann, Dr., Arzt, Bahnhofstr. 26.
586 Salzmann, O., Wirkerei, Niederroßl. Str. 28.
1068 Sander, Ferd., Wollwarenfb., Belerstr. 17.
1159 Sander, Herm., Gutsbesitzer, Oberndorf.
913 Sann, Rich., Strickerei, Schanzenweg 2.
(75) Sattler, Arth., Fbr., Herderstr. 8.
512 Sauerlandt, O., Drogen, Teichgasse 4.
891 Saul, W. P. Arthur, Wirkwrfbr., Rauchstr. 7.
237 Schaar, Hugo, Wirker, W.-Ernststr. 69.
113 Schaar, Rud., Wirkwrfbr., K.-Auguststr. 7.
97 Schaarschmidt & Lampe, Seidenwr., Bahnhst.
341 Schadeberg, Hugo, Wollwrfbr., Grönland.
623 Schäfer, Fritz, Herrenart., Schleierg. 1.
446 Schaefer, Hugo, Wollwr.-Fbr., Utenb.-Str.
952 Scharf, Ernst, Fabrkt., Herressenerstr. 12.
1156 Scharf, Max, Wirker, Wickerstedt.
1013 Scheibe, Arno, Wollwr.-Fbr., Karlsquelle.
734 Scheiding, Karl, Seidenwr., Ackerwand 17.
948 Schendel, Leo, Rohprod., Utenbacherstr. 8.
381 Schiller, Kurt, Kaiser Wilhelmstr. 1.
180 Fr. Schilling Söhne, Glockengieß., Bernhardstr.
812 Schindler, Erhardt, Agt., Oberroßlaerstr. 8.
180 Schindler, Ernst, Agent, Teichg. 15/17.
1150 Schindler, Oskar, Strickerei, Kirchg. 4.
1005 Schindler, Paul, Wollwarenfaktor, Müllerstr.
6 Schlachthof, Städt., Buttstädter Str. 32.
668 Schlegel & Michael, Strickwr., Wielandstr. 5.
